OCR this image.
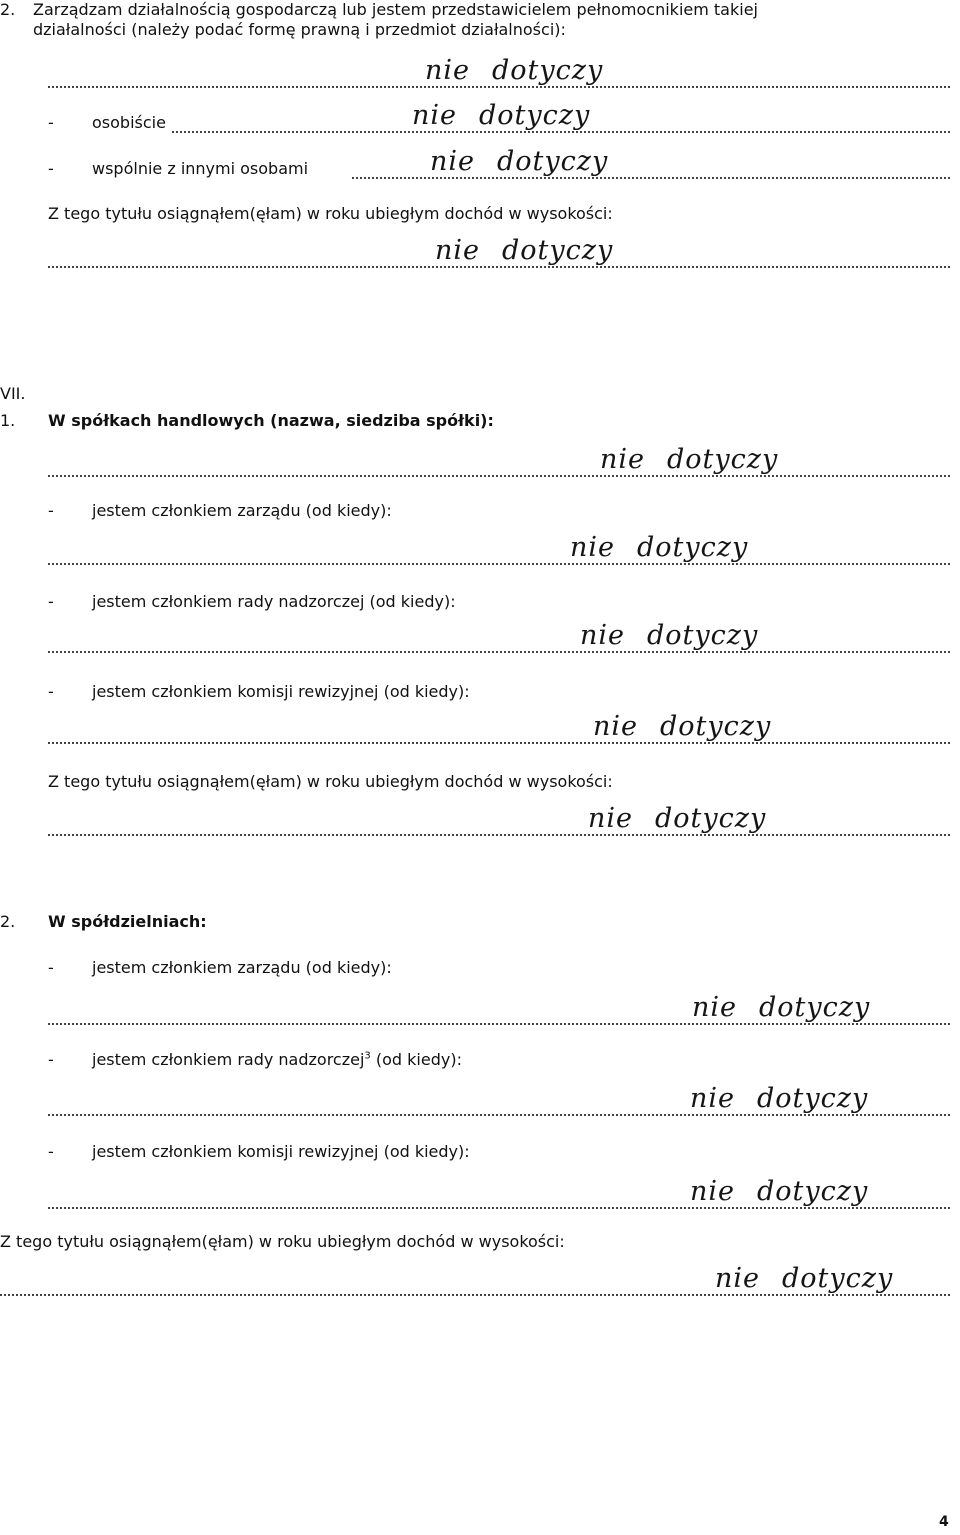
2. Zarządzam działalnością gospodarczą lub jestem przedstawicielem pełnomocnikiem takiej
działalności (należy podać formę prawną i przedmiot działalności):
nie dotyczy
- osobiście	nie dotyczy
- wspólnie z innymi osobami	nie dotyczy
Z tego tytułu osiągnąłem(ęłam) w roku ubiegłym dochód w wysokości:
nie dotyczy
VII.
1. W spółkach handlowych (nazwa, siedziba spółki):
nie dotyczy
- jestem członkiem zarządu (od kiedy):
nie dotyczy
- jestem członkiem rady nadzorczej (od kiedy):
nie dotyczy
- jestem członkiem komisji rewizyjnej (od kiedy):
nie dotyczy
Z tego tytułu osiągnąłem(ęłam) w roku ubiegłym dochód w wysokości:
nie dotyczy
2. W spółdzielniach:
- jestem członkiem zarządu (od kiedy):
nie dotyczy
- jestem członkiem rady nadzorczej$^3$ (od kiedy):
nie dotyczy
- jestem członkiem komisji rewizyjnej (od kiedy):
nie dotyczy
Z tego tytułu osiągnąłem(ęłam) w roku ubiegłym dochód w wysokości:
nie dotyczy
4
